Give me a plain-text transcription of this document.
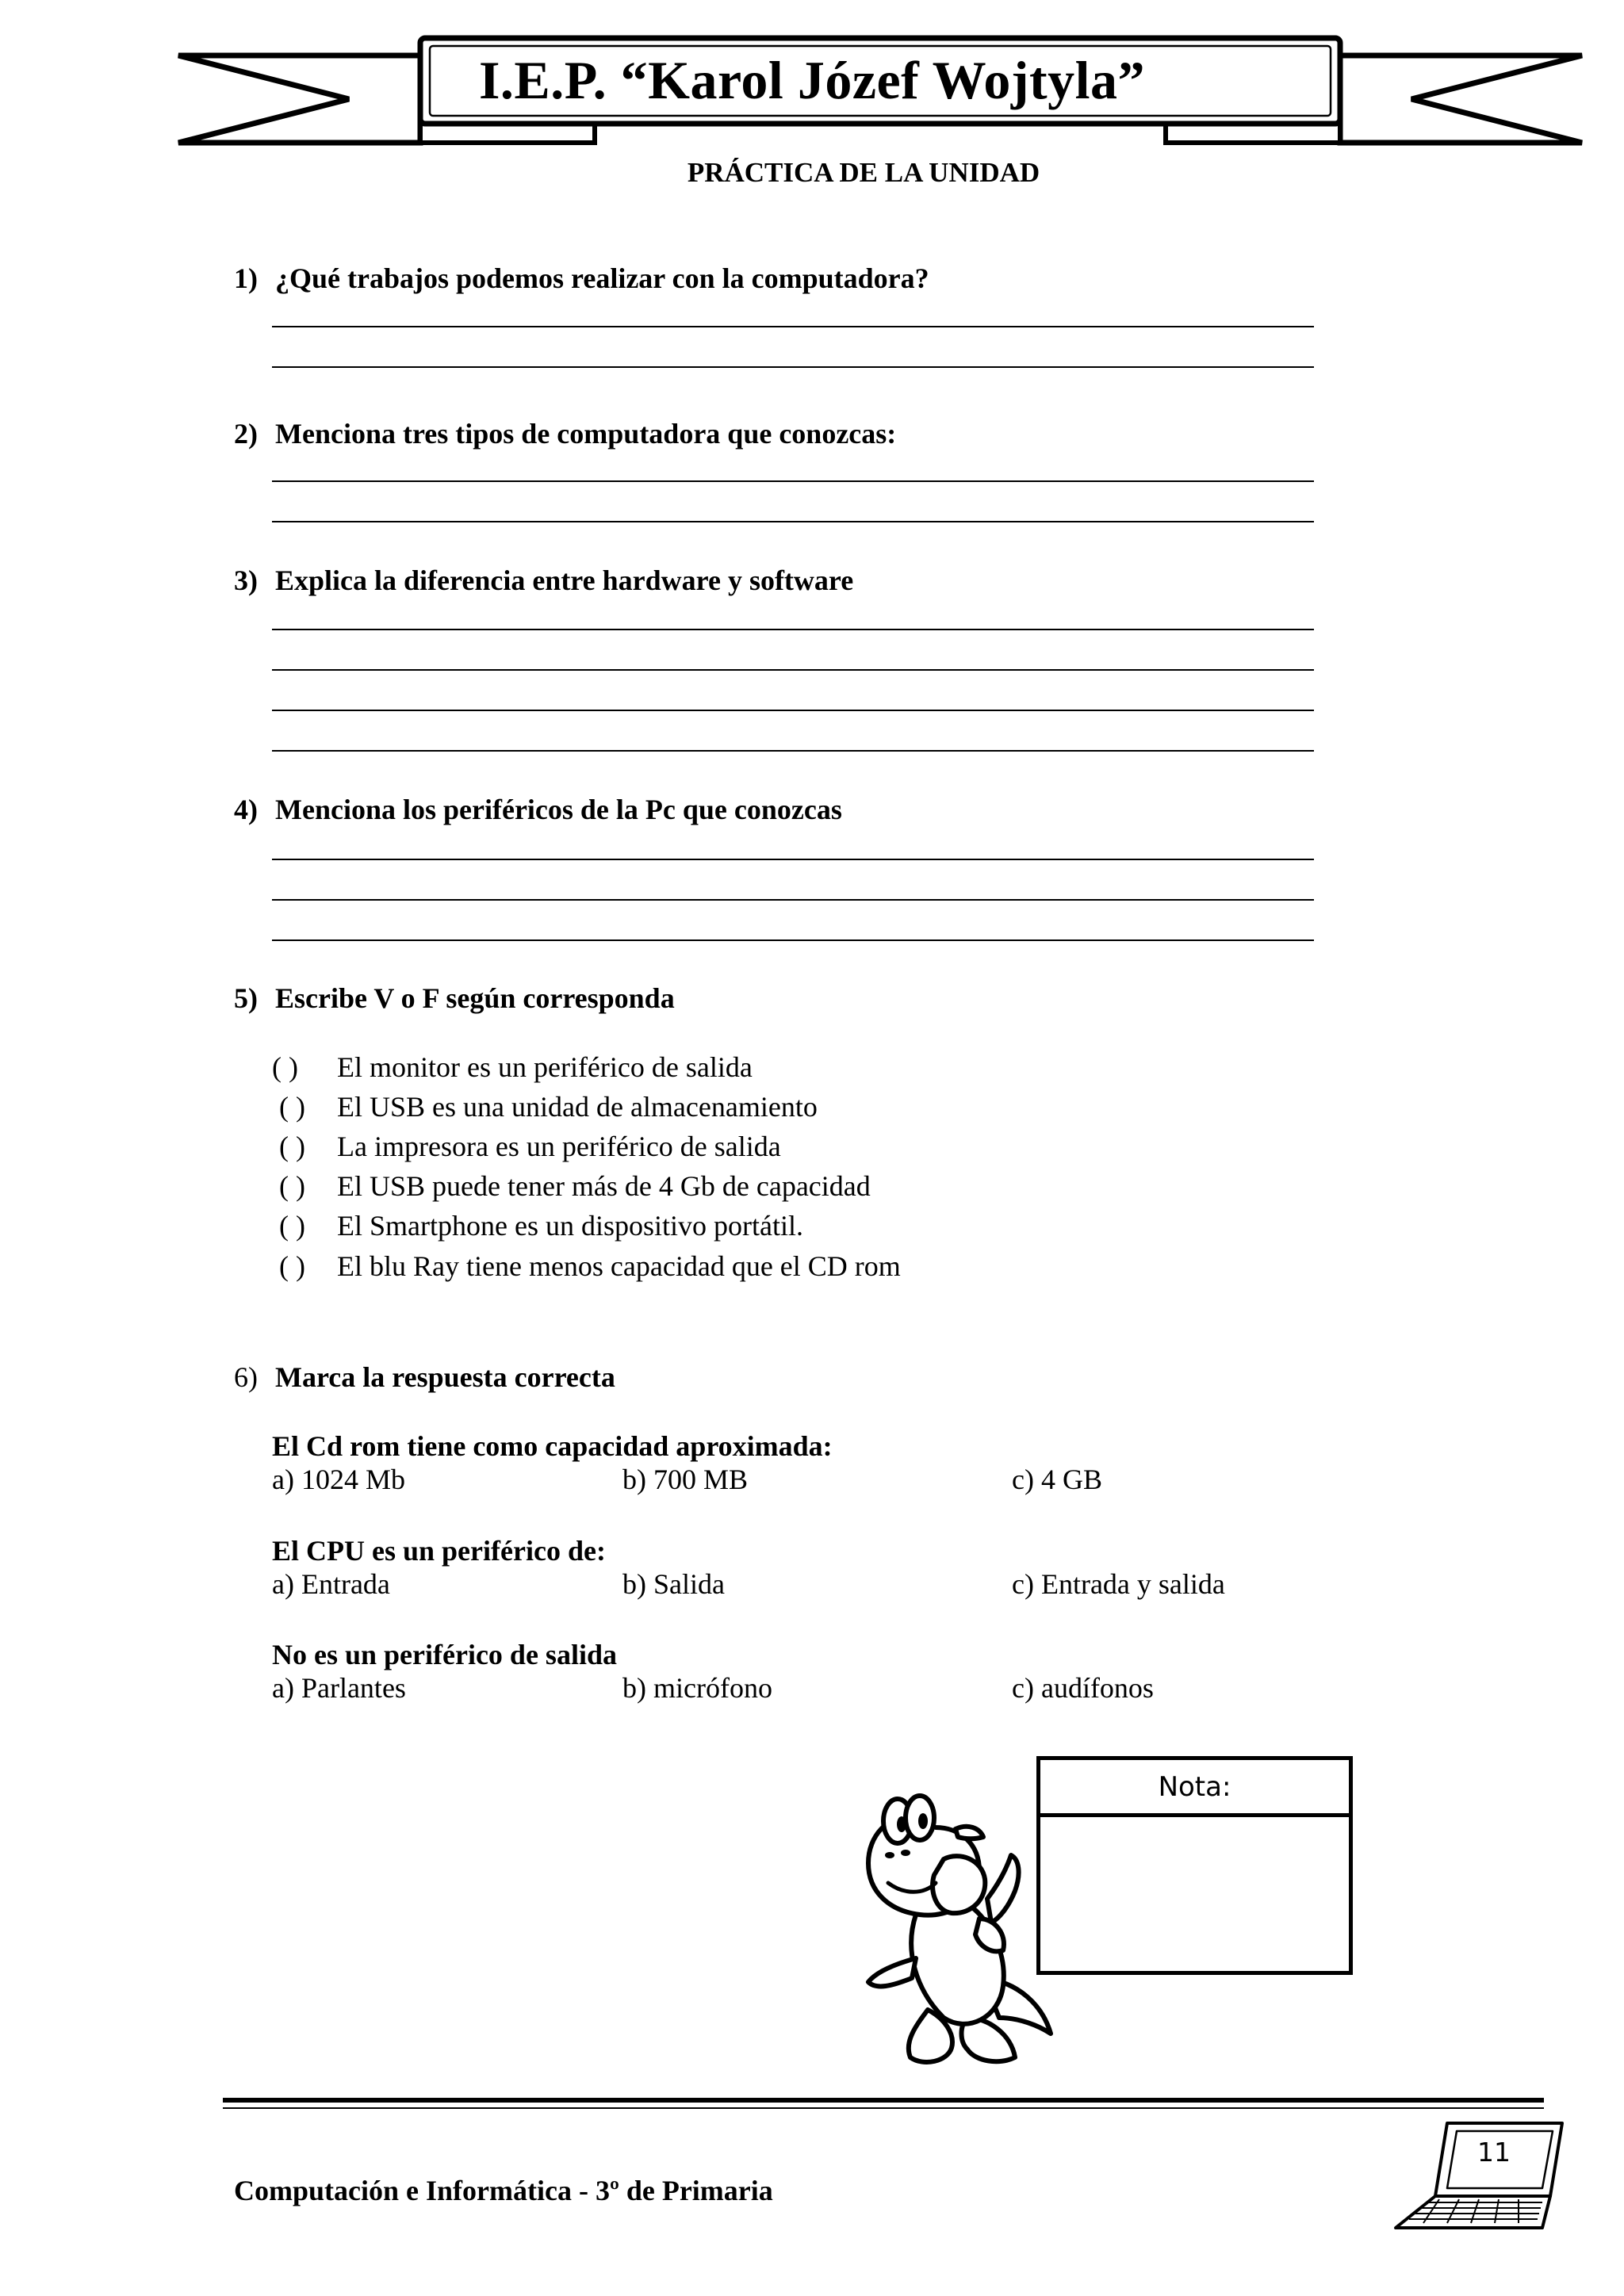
I.E.P. “Karol Józef Wojtyla”
PRÁCTICA DE LA UNIDAD
1) ¿Qué trabajos podemos realizar con la computadora?
2) Menciona tres tipos de computadora que conozcas:
3) Explica la diferencia entre hardware y software
4) Menciona los periféricos de la Pc que conozcas
5) Escribe V o F según corresponda
( ) El monitor es un periférico de salida
( ) El USB es una unidad de almacenamiento
( ) La impresora es un periférico de salida
( ) El USB puede tener más de 4 Gb de capacidad
( ) El Smartphone es un dispositivo portátil.
( ) El blu Ray tiene menos capacidad que el CD rom
6) Marca la respuesta correcta
El Cd rom tiene como capacidad aproximada:
a) 1024 Mb	b) 700 MB	c) 4 GB
El CPU es un periférico de:
a) Entrada	b) Salida	c) Entrada y salida
No es un periférico de salida
a) Parlantes	b) micrófono	c) audífonos
Nota:
Computación e Informática - 3º de Primaria
11
